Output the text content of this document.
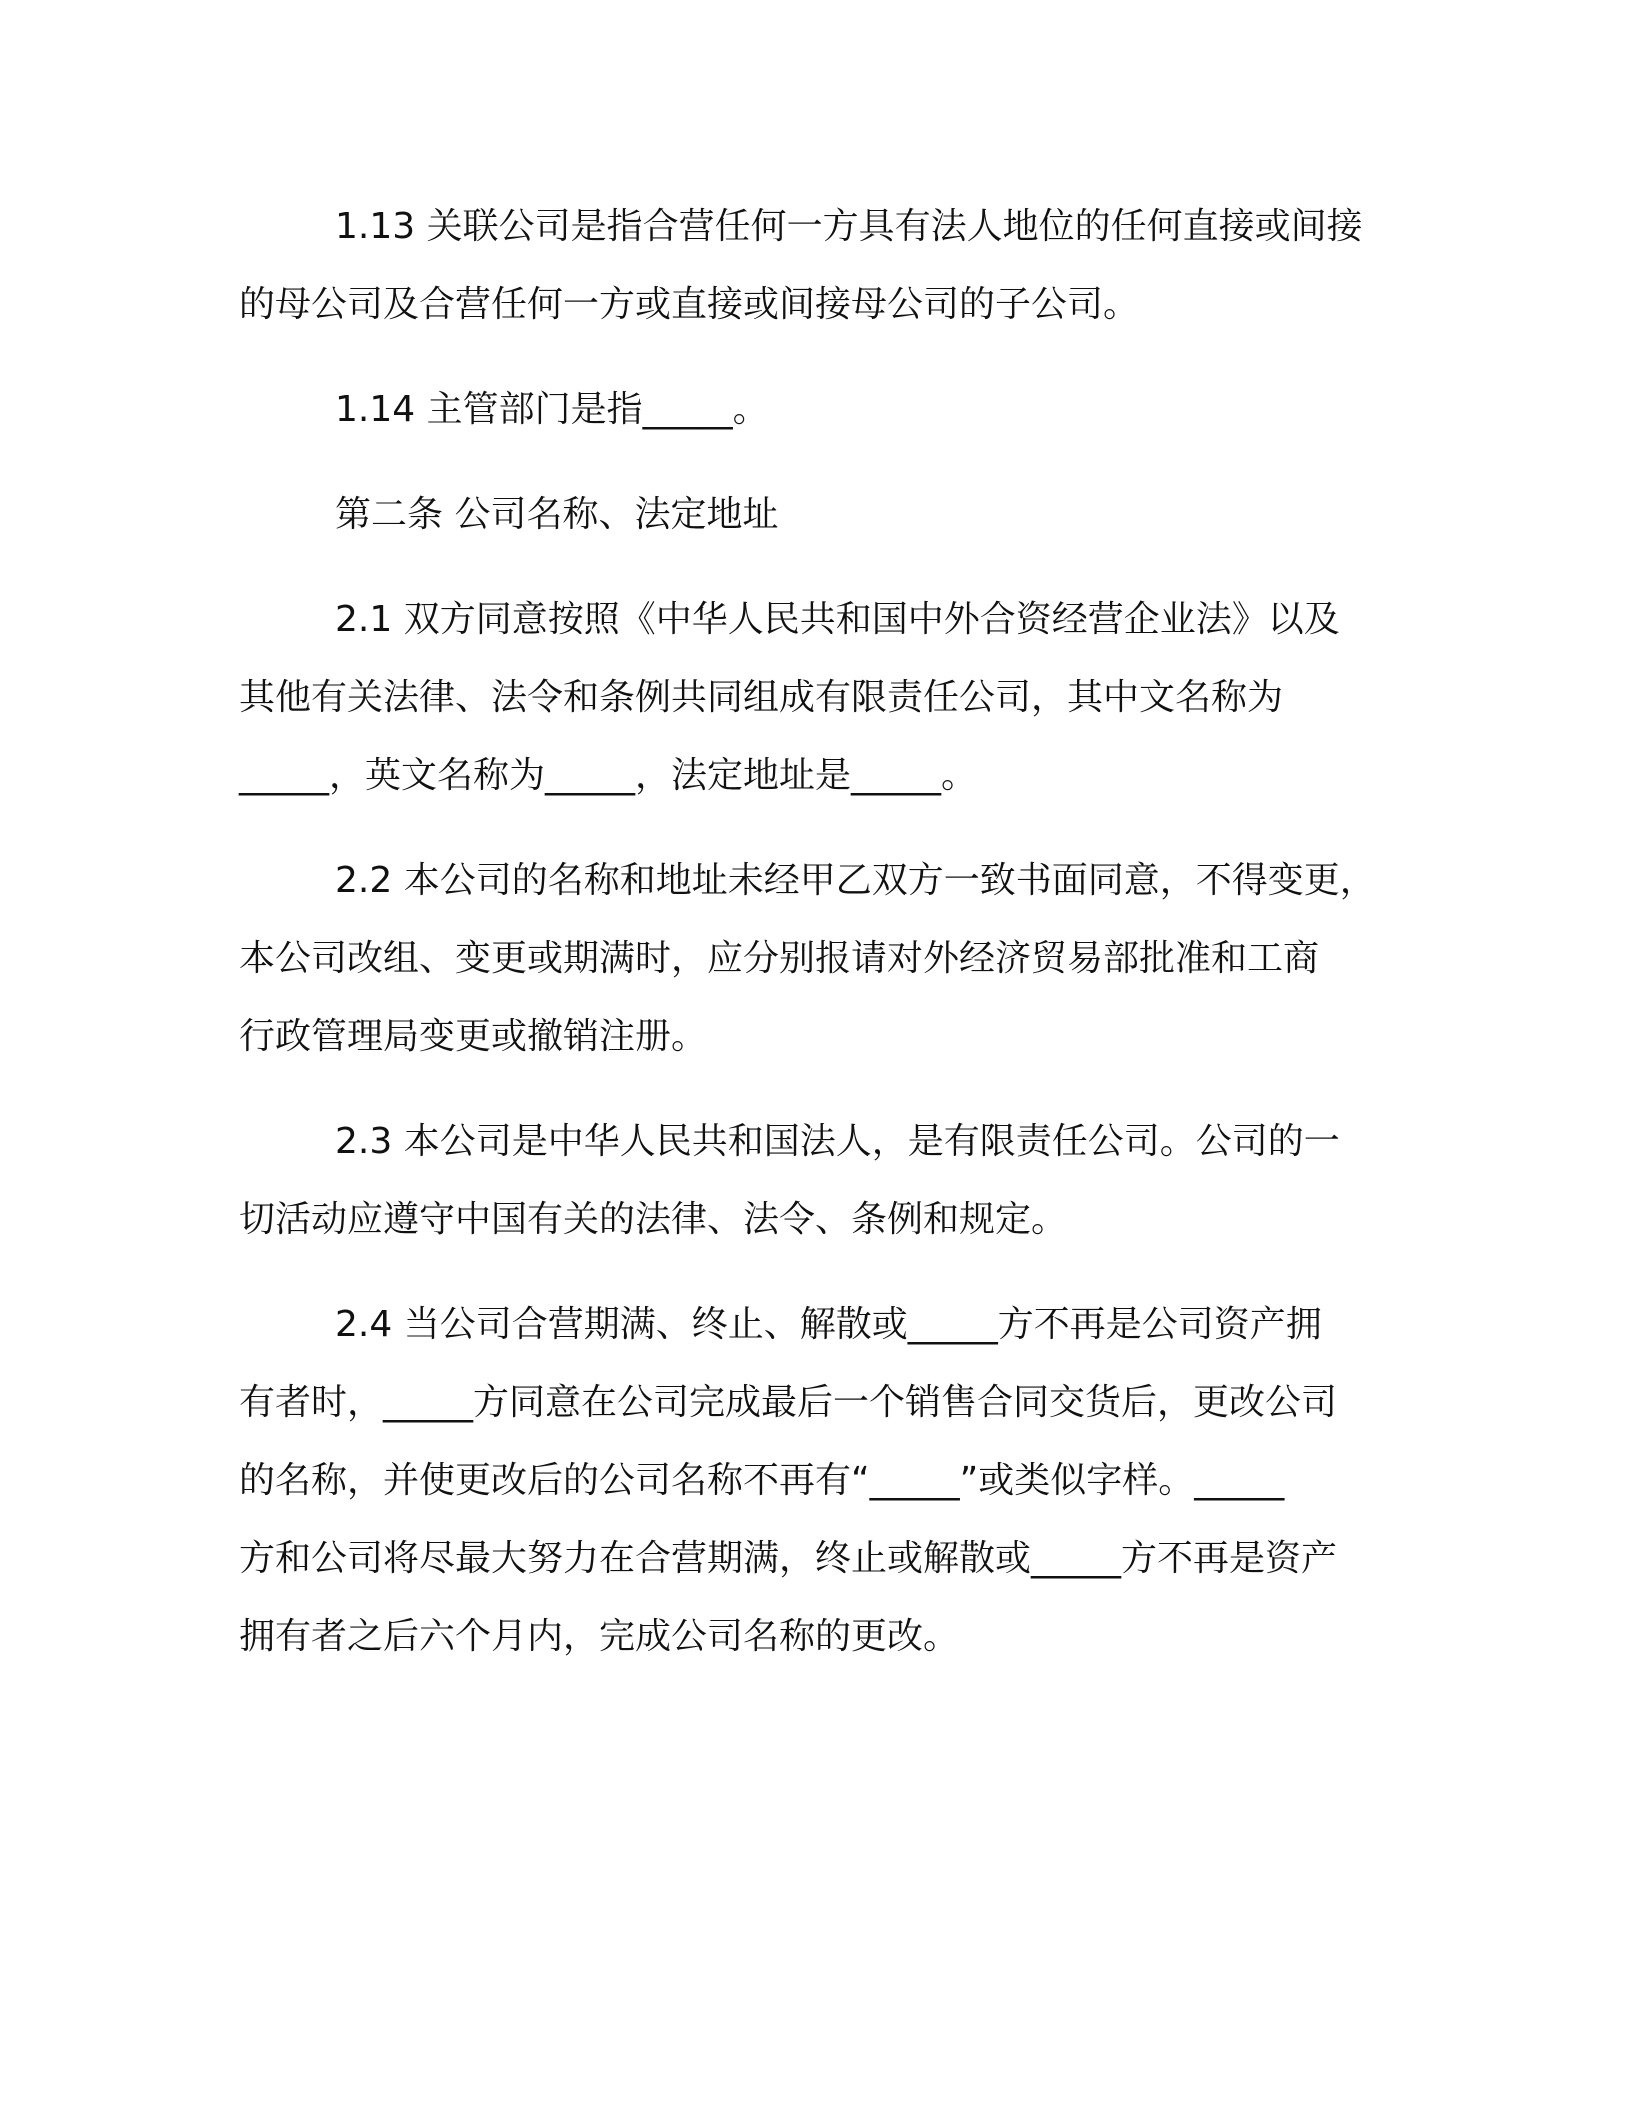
1.13 关联公司是指合营任何一方具有法人地位的任何直接或间接
的母公司及合营任何一方或直接或间接母公司的子公司。
1.14 主管部门是指_____。
第二条 公司名称、法定地址
2.1 双方同意按照《中华人民共和国中外合资经营企业法》以及
其他有关法律、法令和条例共同组成有限责任公司，其中文名称为
_____，英文名称为_____，法定地址是_____。
2.2 本公司的名称和地址未经甲乙双方一致书面同意，不得变更，
本公司改组、变更或期满时，应分别报请对外经济贸易部批准和工商
行政管理局变更或撤销注册。
2.3 本公司是中华人民共和国法人，是有限责任公司。公司的一
切活动应遵守中国有关的法律、法令、条例和规定。
2.4 当公司合营期满、终止、解散或_____方不再是公司资产拥
有者时，_____方同意在公司完成最后一个销售合同交货后，更改公司
的名称，并使更改后的公司名称不再有“_____”或类似字样。_____
方和公司将尽最大努力在合营期满，终止或解散或_____方不再是资产
拥有者之后六个月内，完成公司名称的更改。
